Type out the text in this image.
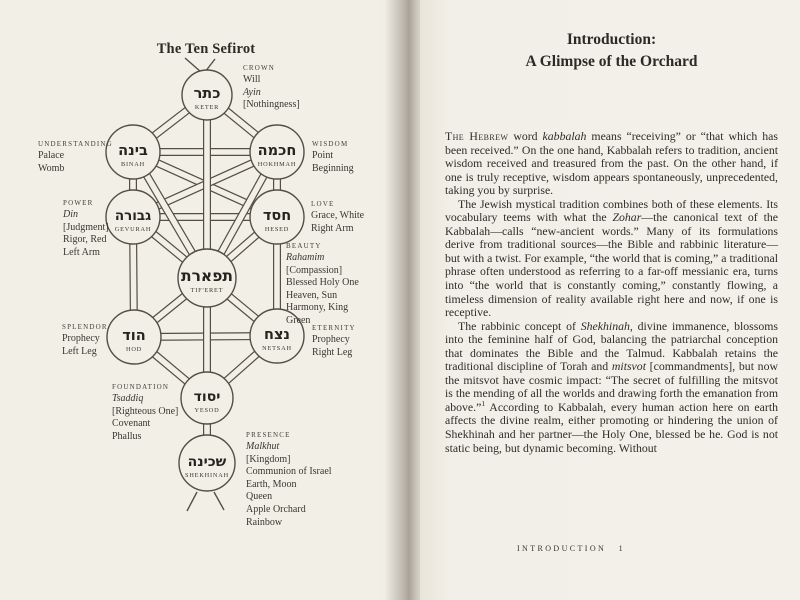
The Ten Sefirot
כתר
KETER
בינה
BINAH
חכמה
HOKHMAH
גבורה
GEVURAH
חסד
HESED
תפארת
TIF'ERET
הוד
HOD
נצח
NETSAH
יסוד
YESOD
שכינה
SHEKHINAH
CROWN
Will
Ayin
[Nothingness]
UNDERSTANDING
Palace
Womb
WISDOM
Point
Beginning
POWER
Din
[Judgment]
Rigor, Red
Left Arm
LOVE
Grace, White
Right Arm
BEAUTY
Rahamim
[Compassion]
Blessed Holy One
Heaven, Sun
Harmony, King
Green
SPLENDOR
Prophecy
Left Leg
ETERNITY
Prophecy
Right Leg
FOUNDATION
Tsaddiq
[Righteous One]
Covenant
Phallus	PRESENCE
Malkhut
[Kingdom]
Communion of Israel
Earth, Moon
Queen
Apple Orchard
Rainbow
Introduction:
A Glimpse of the Orchard

The Hebrew word kabbalah means “receiving” or “that which has been received.” On the one hand, Kabbalah refers to tradition, ancient wisdom received and treasured from the past. On the other hand, if one is truly receptive, wisdom appears spontaneously, unprecedented, taking you by surprise.

The Jewish mystical tradition combines both of these elements. Its vocabulary teems with what the Zohar—the canonical text of the Kabbalah—calls “new-ancient words.” Many of its formulations derive from traditional sources—the Bible and rabbinic literature—but with a twist. For example, “the world that is coming,” a traditional phrase often understood as referring to a far-off messianic era, turns into “the world that is constantly coming,” constantly flowing, a timeless dimension of reality available right here and now, if one is receptive.

The rabbinic concept of Shekhinah, divine immanence, blossoms into the feminine half of God, balancing the patriarchal conception that dominates the Bible and the Talmud. Kabbalah retains the traditional discipline of Torah and mitsvot [commandments], but now the mitsvot have cosmic impact: “The secret of fulfilling the mitsvot is the mending of all the worlds and drawing forth the emanation from above.”$^1$ According to Kabbalah, every human action here on earth affects the divine realm, either promoting or hindering the union of Shekhinah and her partner—the Holy One, blessed be he. God is not static being, but dynamic becoming. Without

INTRODUCTION 1
